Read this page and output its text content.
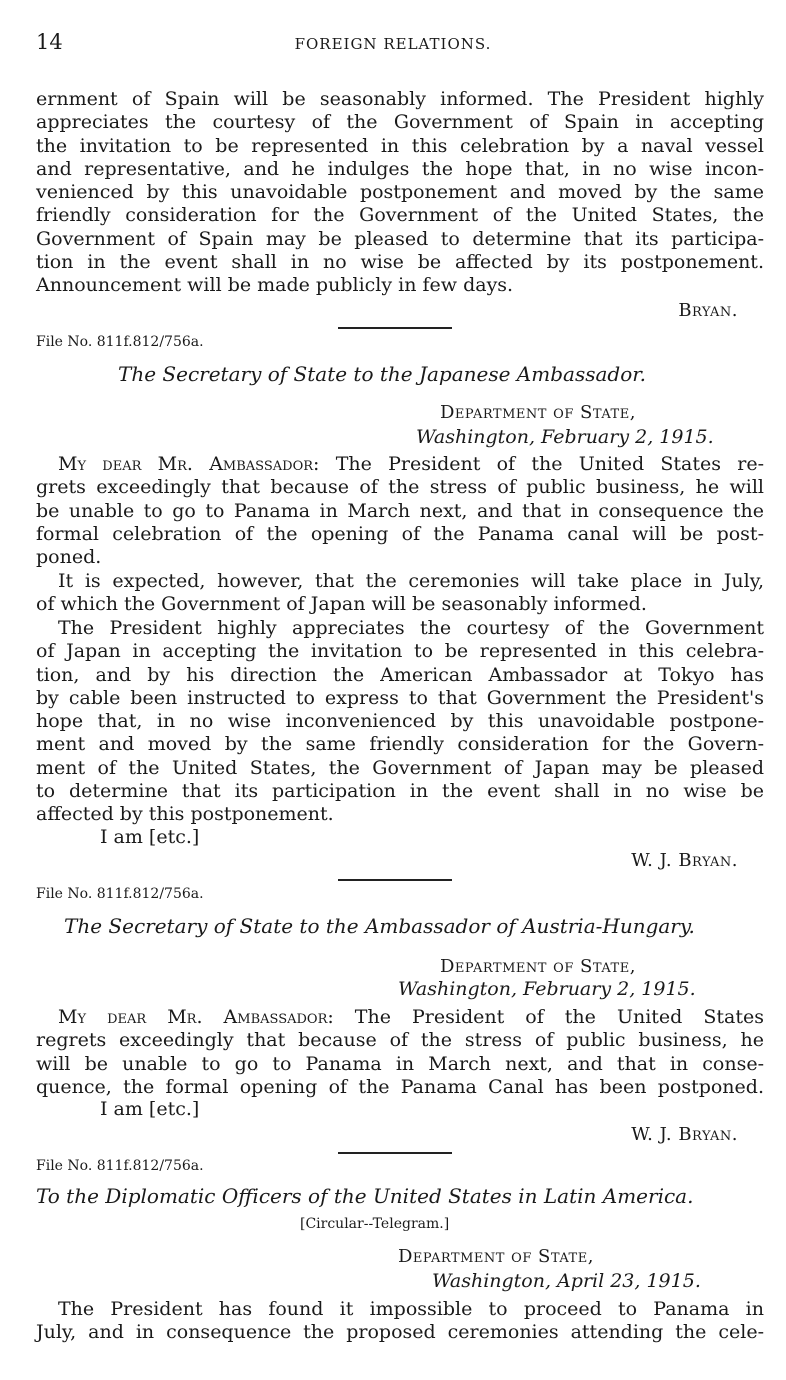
14	FOREIGN RELATIONS.
ernment of Spain will be seasonably informed. The President highly
appreciates the courtesy of the Government of Spain in accepting
the invitation to be represented in this celebration by a naval vessel
and representative, and he indulges the hope that, in no wise incon-
venienced by this unavoidable postponement and moved by the same
friendly consideration for the Government of the United States, the
Government of Spain may be pleased to determine that its participa-
tion in the event shall in no wise be affected by its postponement.
Announcement will be made publicly in few days.
Bryan.
File No. 811f.812/756a.
The Secretary of State to the Japanese Ambassador.
Department of State,
Washington, February 2, 1915.
My dear Mr. Ambassador: The President of the United States re-
grets exceedingly that because of the stress of public business, he will
be unable to go to Panama in March next, and that in consequence the
formal celebration of the opening of the Panama canal will be post-
poned.
It is expected, however, that the ceremonies will take place in July,
of which the Government of Japan will be seasonably informed.
The President highly appreciates the courtesy of the Government
of Japan in accepting the invitation to be represented in this celebra-
tion, and by his direction the American Ambassador at Tokyo has
by cable been instructed to express to that Government the President's
hope that, in no wise inconvenienced by this unavoidable postpone-
ment and moved by the same friendly consideration for the Govern-
ment of the United States, the Government of Japan may be pleased
to determine that its participation in the event shall in no wise be
affected by this postponement.
I am [etc.]
W. J. Bryan.
File No. 811f.812/756a.
The Secretary of State to the Ambassador of Austria-Hungary.
Department of State,
Washington, February 2, 1915.
My dear Mr. Ambassador: The President of the United States
regrets exceedingly that because of the stress of public business, he
will be unable to go to Panama in March next, and that in conse-
quence, the formal opening of the Panama Canal has been postponed.
I am [etc.]
W. J. Bryan.
File No. 811f.812/756a.
To the Diplomatic Officers of the United States in Latin America.
[Circular--Telegram.]
Department of State,
Washington, April 23, 1915.
The President has found it impossible to proceed to Panama in
July, and in consequence the proposed ceremonies attending the cele-
